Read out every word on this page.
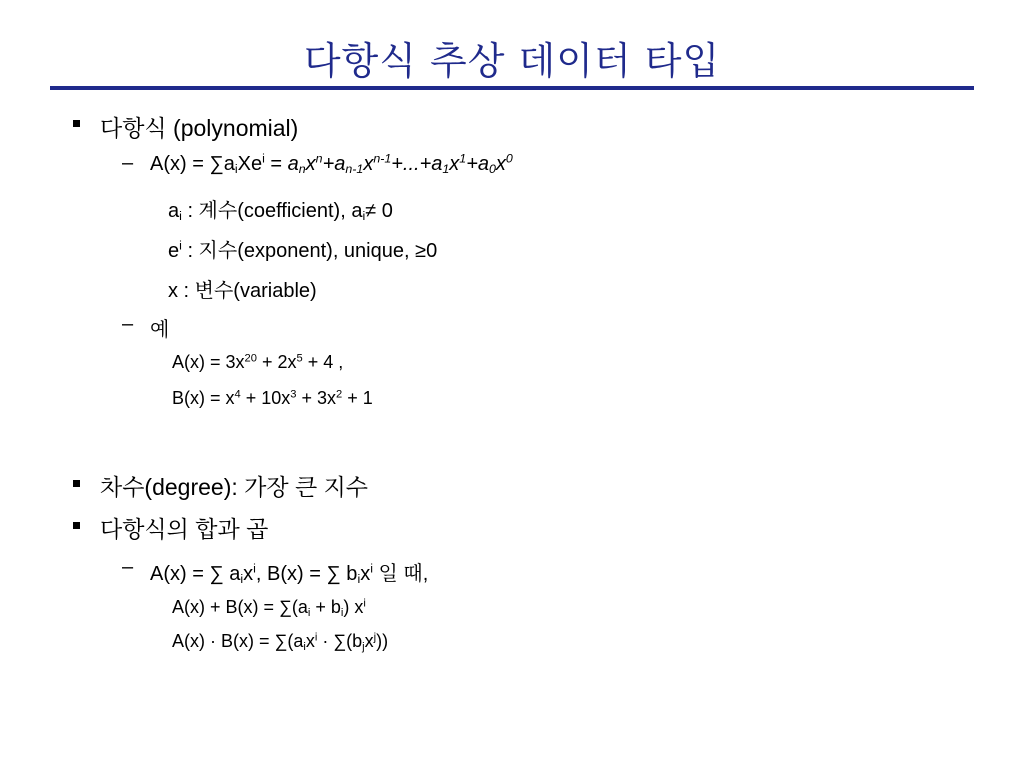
다항식 추상 데이터 타입
다항식 (polynomial)
– $A(x) = \sum a_iXe^i = a_nx^n+a_{n-1}x^{n-1}+...+a_1x^1+a_0x^0$
$a_i$ : 계수(coefficient), $a_i\ne 0$
$e^i$ : 지수(exponent), unique, ≥0
x : 변수(variable)
– 예
$A(x) = 3x^{20} + 2x^5 + 4$ ,
$B(x) = x^4 + 10x^3 + 3x^2 + 1$
차수(degree): 가장 큰 지수
다항식의 합과 곱
– A(x) = ∑ $a_ix^i$, B(x) = ∑ $b_ix^i$ 일 때,
$A(x) + B(x) = \sum(a_i + b_i)$ $x^i$
$A(x) \cdot B(x) = \sum(a_ix^i \cdot \sum(b_jx^j))$
